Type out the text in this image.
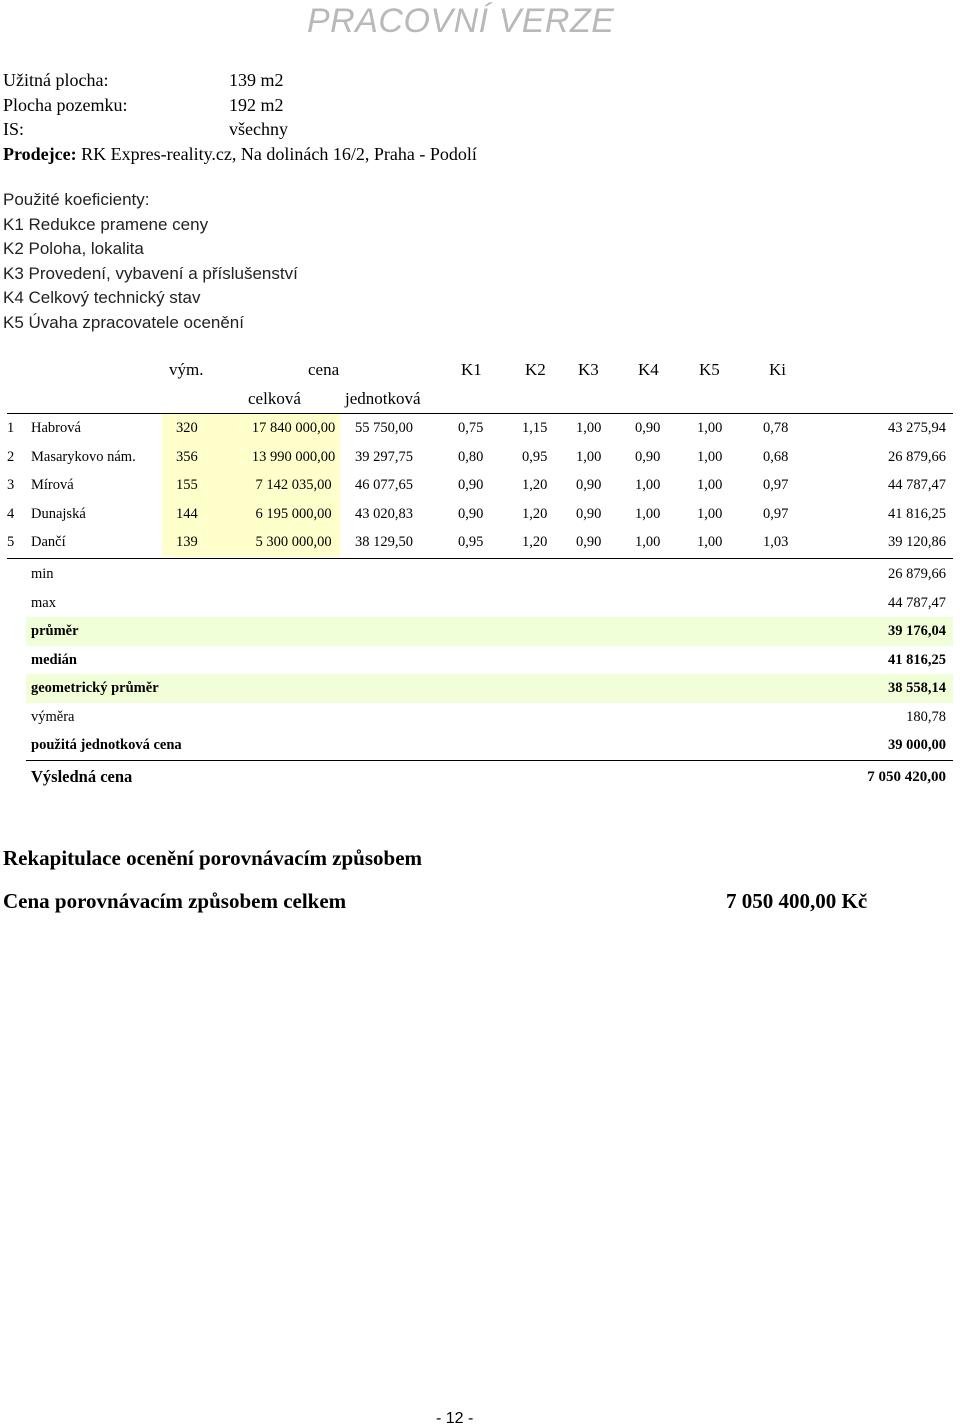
PRACOVNÍ VERZE
Užitná plocha:	139 m2
Plocha pozemku:	192 m2
IS:	všechny
Prodejce: RK Expres-reality.cz, Na dolinách 16/2, Praha - Podolí
Použité koeficienty:
K1 Redukce pramene ceny
K2 Poloha, lokalita
K3 Provedení, vybavení a příslušenství
K4 Celkový technický stav
K5 Úvaha zpracovatele ocenění
vým.	cena	K1	K2 K3 K4 K5	Ki
celková	jednotková
1	Habrová	320	17 840 000,00	55 750,00	0,75	1,15 1,00 0,90	1,00	0,78	43 275,94
2	Masarykovo nám.	356	13 990 000,00	39 297,75	0,80	0,95 1,00 0,90	1,00	0,68	26 879,66
3	Mírová	155	7 142 035,00	46 077,65	0,90	1,20 0,90 1,00	1,00	0,97	44 787,47
4	Dunajská	144	6 195 000,00	43 020,83	0,90	1,20 0,90 1,00	1,00	0,97	41 816,25
5	Dančí	139	5 300 000,00	38 129,50	0,95	1,20 0,90 1,00	1,00	1,03	39 120,86
min	26 879,66
max	44 787,47
průměr	39 176,04
medián	41 816,25
geometrický průměr	38 558,14
výměra	180,78
použitá jednotková cena	39 000,00
Výsledná cena	7 050 420,00
Rekapitulace ocenění porovnávacím způsobem
Cena porovnávacím způsobem celkem	7 050 400,00 Kč
- 12 -
